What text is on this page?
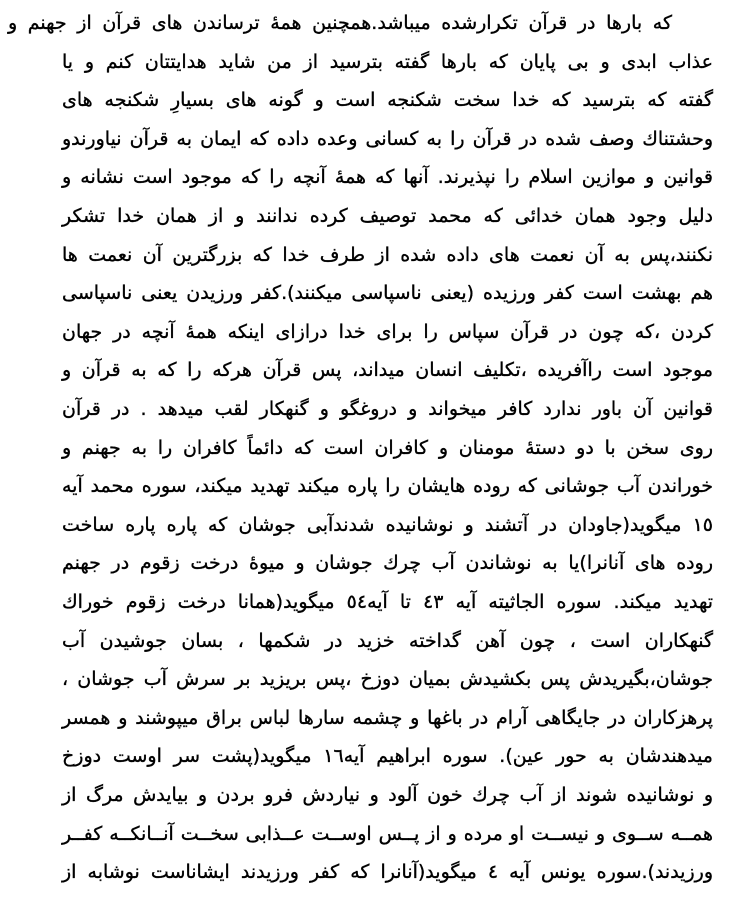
که بارها در قرآن تکرارشده میباشد.همچنین همهٔ ترساندن های قرآن از جهنم و
عذاب ابدی و بی پایان که بارها گفته بترسید از من شاید هدایتتان کنم و یا
گفته که بترسید که خدا سخت شکنجه است و گونه های بسیارِ شکنجه های
وحشتناك وصف شده در قرآن را به کسانی وعده داده که ایمان به قرآن نیاورندو
قوانین و موازین اسلام را نپذیرند. آنها که همهٔ آنچه را که موجود است نشانه و
دلیل وجود همان خدائی که محمد توصیف کرده ندانند و از همان خدا تشکر
نکنند،پس به آن نعمت های داده شده از طرف خدا که بزرگترین آن نعمت ها
هم بهشت است کفر ورزیده (یعنی ناسپاسی میکنند).کفر ورزیدن یعنی ناسپاسی
کردن ،که چون در قرآن سپاس را برای خدا درازای اینکه همهٔ آنچه در جهان
موجود است راآفریده ،تکلیف انسان میداند، پس قرآن هرکه را که به قرآن و
قوانین آن باور ندارد کافر میخواند و دروغگو و گنهکار لقب میدهد . در قرآن
روی سخن با دو دستهٔ مومنان و کافران است که دائماً کافران را به جهنم و
خوراندن آب جوشانی که روده هایشان را پاره میکند تهدید میکند، سوره محمد آیه
١٥ میگوید(جاودان در آتشند و نوشانیده شدندآبی جوشان که پاره پاره ساخت
روده های آنانرا)یا به نوشاندن آب چرك جوشان و میوهٔ درخت زقوم در جهنم
تهدید میکند. سوره الجاثیته آیه ٤٣ تا آیه٥٤ میگوید(همانا درخت زقوم خوراك
گنهکاران است ، چون آهن گداخته خزید در شکمها ، بسان جوشیدن آب
جوشان،بگیریدش پس بکشیدش بمیان دوزخ ،پس بریزید بر سرش آب جوشان ،
پرهزکاران در جایگاهی آرام در باغها و چشمه سارها لباس براق میپوشند و همسر
میدهندشان به حور عین). سوره ابراهیم آیه١٦ میگوید(پشت سر اوست دوزخ
و نوشانیده شوند از آب چرك خون آلود و نیاردش فرو بردن و بیایدش مرگ از
همــه ســوی و نیســت او مرده و از پــس اوســت عــذابی سخــت آنــانکــه کفــر
ورزیدند).سوره یونس آیه ٤ میگوید(آنانرا که کفر ورزیدند ایشاناست نوشابه از
